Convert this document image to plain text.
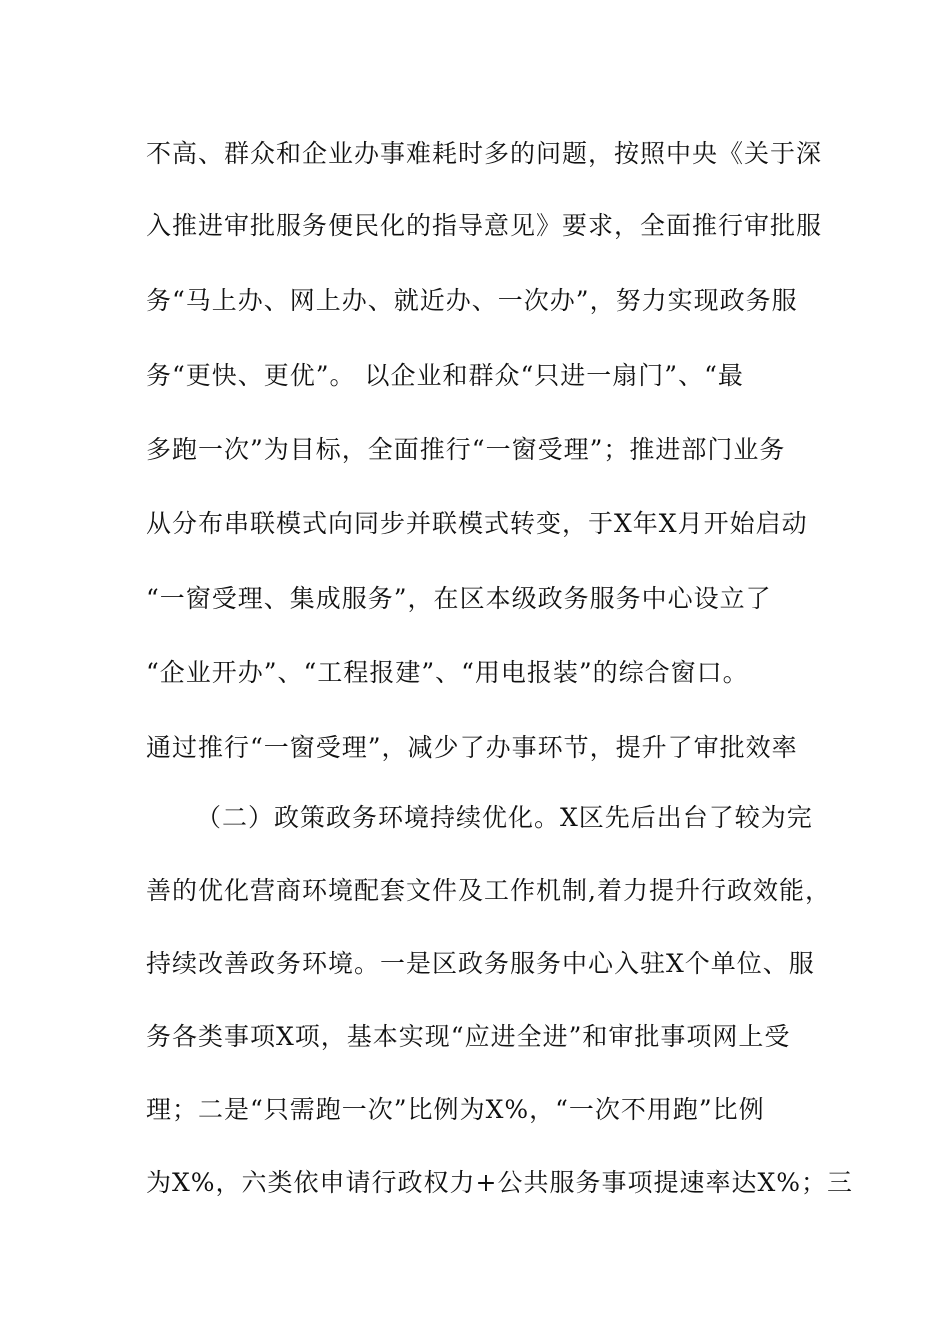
不高、群众和企业办事难耗时多的问题，按照中央《关于深
入推进审批服务便民化的指导意见》要求，全面推行审批服
务“马上办、网上办、就近办、一次办”，努力实现政务服
务“更快、更优”。 以企业和群众“只进一扇门”、“最
多跑一次”为目标，全面推行“一窗受理”；推进部门业务
从分布串联模式向同步并联模式转变，于X年X月开始启动
“一窗受理、集成服务”，在区本级政务服务中心设立了
“企业开办”、“工程报建”、“用电报装”的综合窗口。
通过推行“一窗受理”，减少了办事环节，提升了审批效率
（二）政策政务环境持续优化。X区先后出台了较为完
善的优化营商环境配套文件及工作机制,着力提升行政效能，
持续改善政务环境。一是区政务服务中心入驻X个单位、服
务各类事项X项，基本实现“应进全进”和审批事项网上受
理；二是“只需跑一次”比例为X%，“一次不用跑”比例
为X%，六类依申请行政权力+公共服务事项提速率达X%；三
